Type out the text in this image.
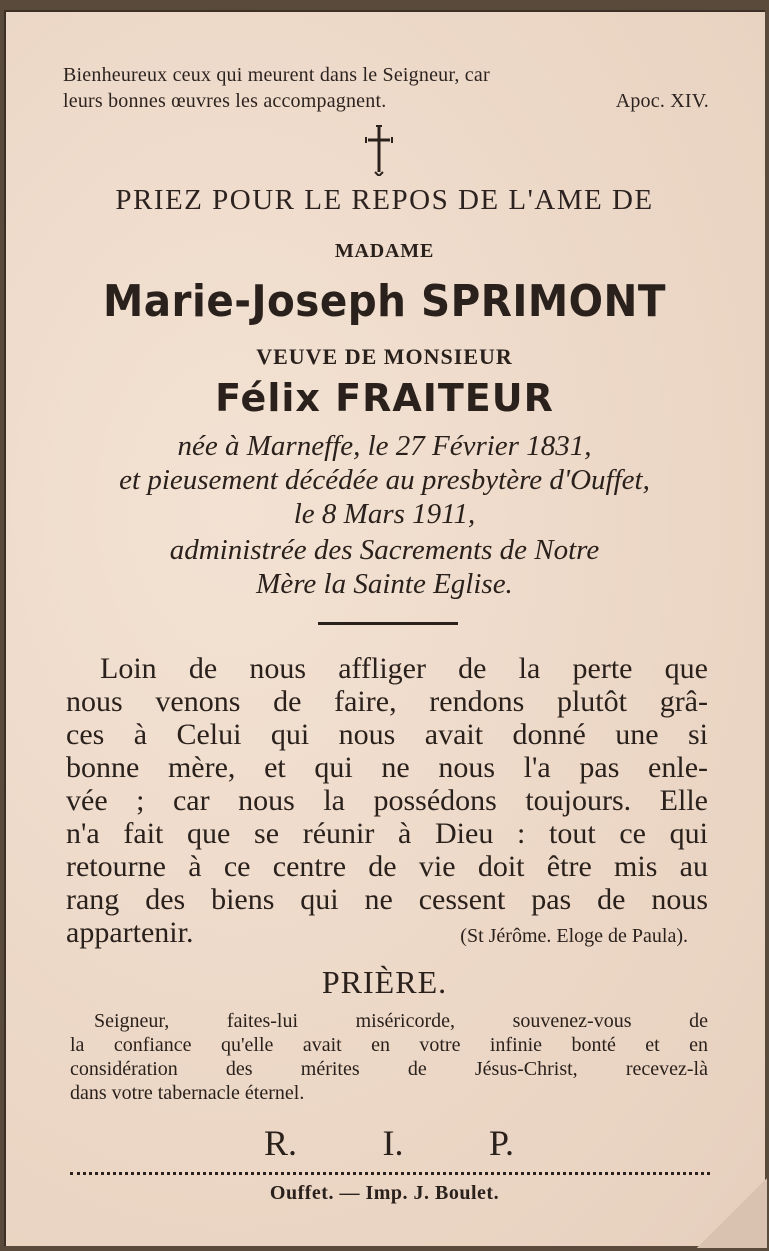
Bienheureux ceux qui meurent dans le Seigneur, car
leurs bonnes œuvres les accompagnent.	Apoc. XIV.
PRIEZ POUR LE REPOS DE L'AME DE
MADAME
Marie-Joseph SPRIMONT
VEUVE DE MONSIEUR
Félix FRAITEUR
née à Marneffe, le 27 Février 1831,
et pieusement décédée au presbytère d'Ouffet,
le 8 Mars 1911,
administrée des Sacrements de Notre
Mère la Sainte Eglise.
Loin de nous affliger de la perte que
nous venons de faire, rendons plutôt grâ-
ces à Celui qui nous avait donné une si
bonne mère, et qui ne nous l'a pas enle-
vée ; car nous la possédons toujours. Elle
n'a fait que se réunir à Dieu : tout ce qui
retourne à ce centre de vie doit être mis au
rang des biens qui ne cessent pas de nous
appartenir.	(St Jérôme. Eloge de Paula).
PRIÈRE.
Seigneur, faites-lui miséricorde, souvenez-vous de
la confiance qu'elle avait en votre infinie bonté et en
considération des mérites de Jésus-Christ, recevez-là
dans votre tabernacle éternel.
R. I. P.
Ouffet. — Imp. J. Boulet.
